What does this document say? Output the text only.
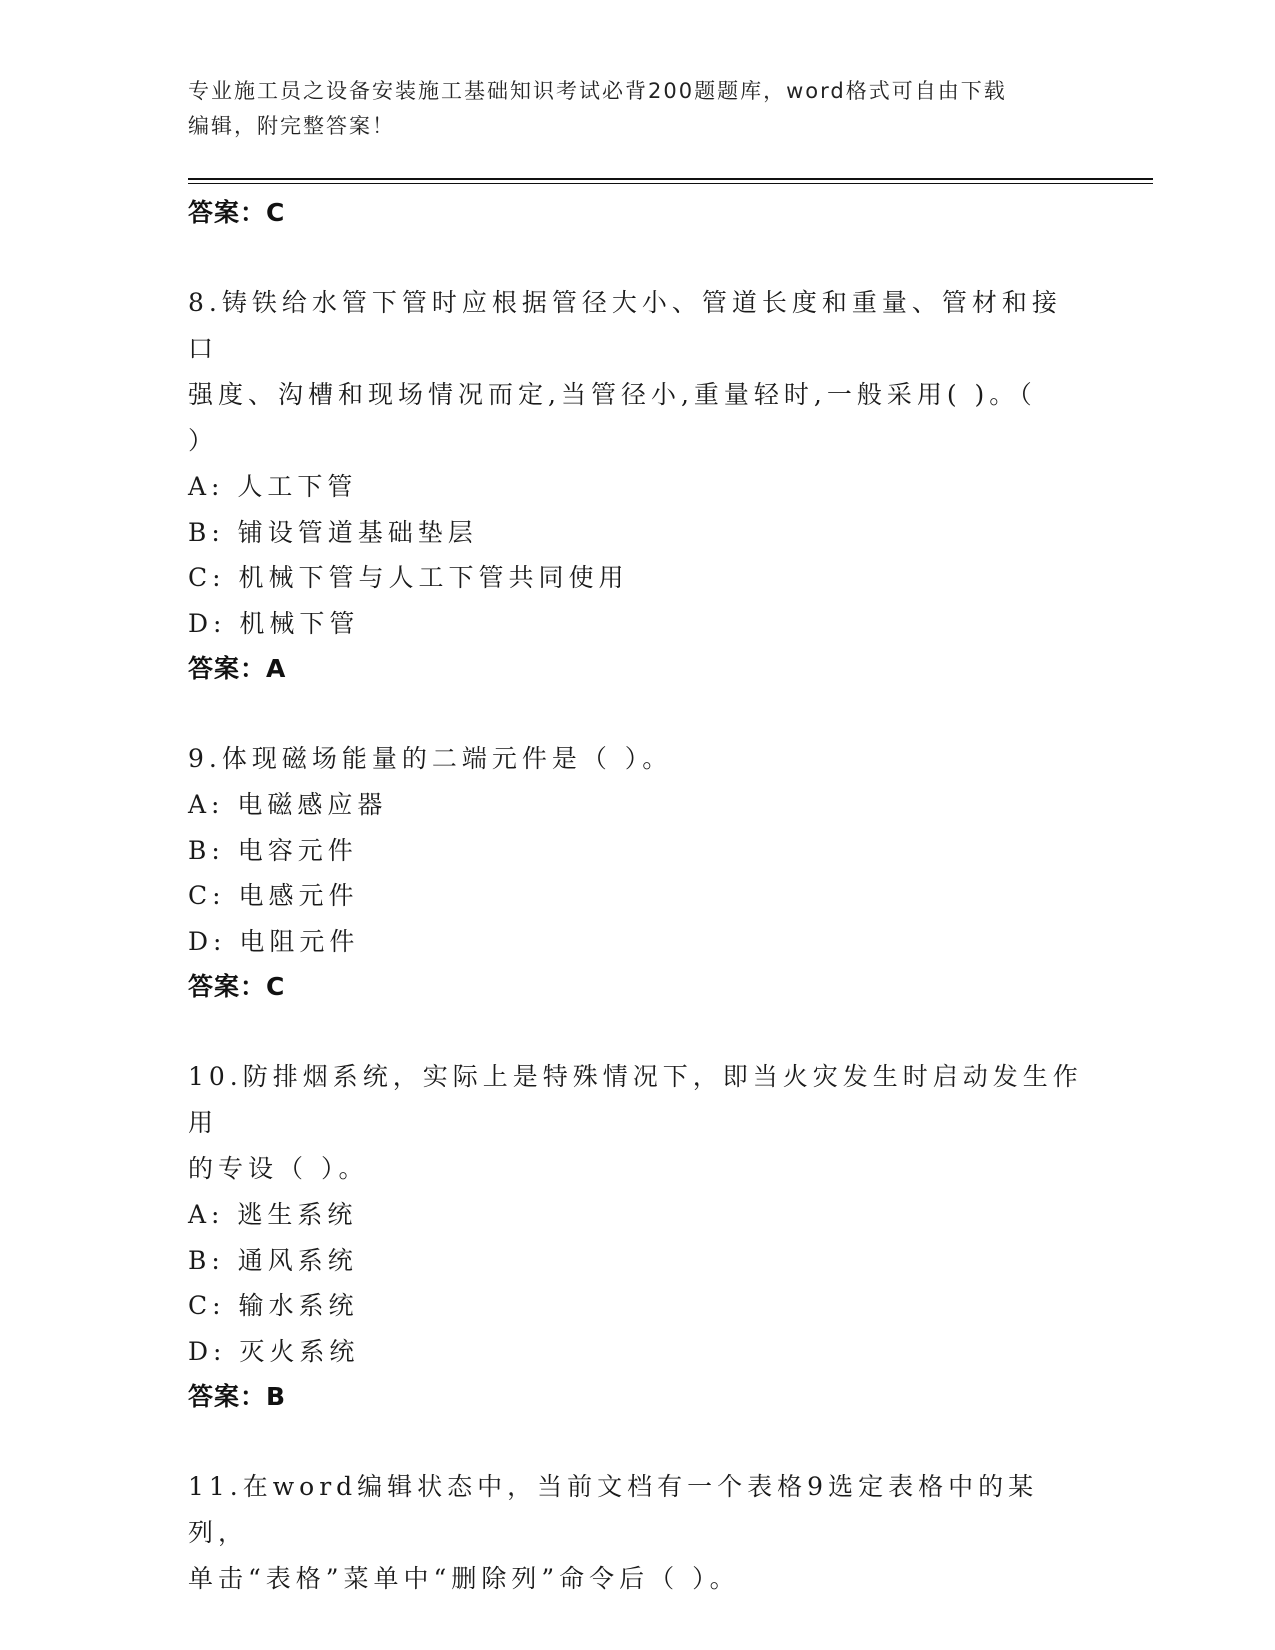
专业施工员之设备安装施工基础知识考试必背200题题库，word格式可自由下载
编辑，附完整答案！
答案：C
8.铸铁给水管下管时应根据管径大小、管道长度和重量、管材和接口
强度、沟槽和现场情况而定,当管径小,重量轻时,一般采用( )。（
）
A: 人工下管
B: 铺设管道基础垫层
C: 机械下管与人工下管共同使用
D: 机械下管
答案：A
9.体现磁场能量的二端元件是（ ）。
A: 电磁感应器
B: 电容元件
C: 电感元件
D: 电阻元件
答案：C
10.防排烟系统，实际上是特殊情况下，即当火灾发生时启动发生作用
的专设（ ）。
A: 逃生系统
B: 通风系统
C: 输水系统
D: 灭火系统
答案：B
11.在word编辑状态中，当前文档有一个表格9选定表格中的某列，
单击“表格”菜单中“删除列”命令后（ ）。
